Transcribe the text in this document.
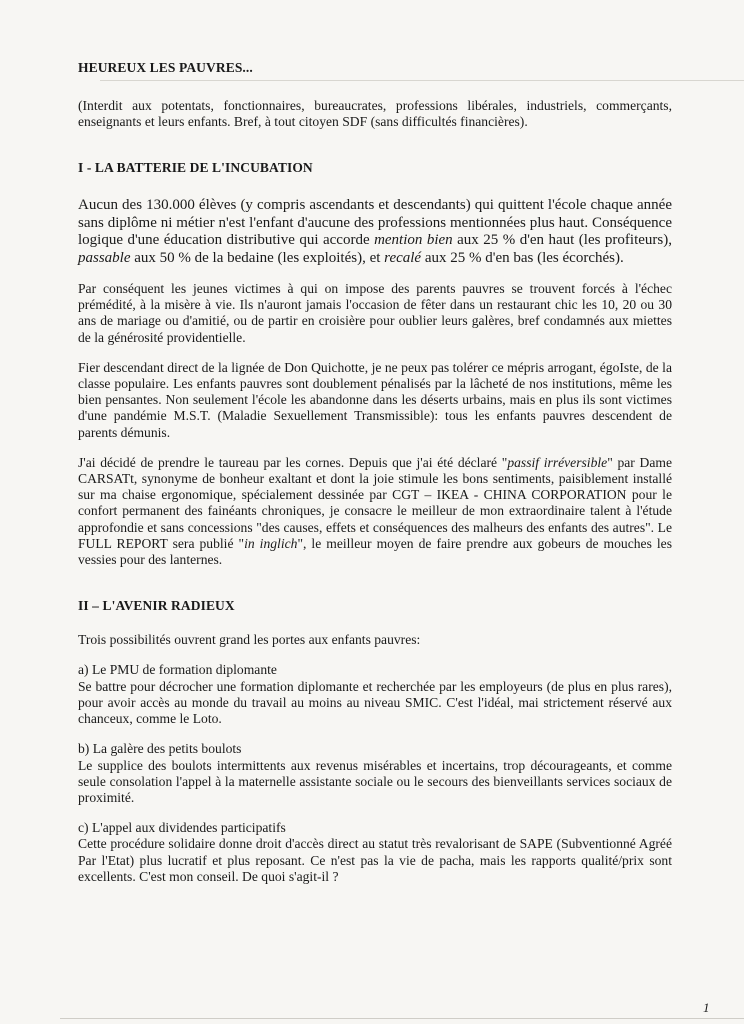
HEUREUX LES PAUVRES...

(Interdit aux potentats, fonctionnaires, bureaucrates, professions libérales, industriels, commerçants, enseignants et leurs enfants. Bref, à tout citoyen SDF (sans difficultés financières).

I - LA BATTERIE DE L'INCUBATION

Aucun des 130.000 élèves (y compris ascendants et descendants) qui quittent l'école chaque année sans diplôme ni métier n'est l'enfant d'aucune des professions mentionnées plus haut. Conséquence logique d'une éducation distributive qui accorde mention bien aux 25 % d'en haut (les profiteurs), passable aux 50 % de la bedaine (les exploités), et recalé aux 25 % d'en bas (les écorchés).

Par conséquent les jeunes victimes à qui on impose des parents pauvres se trouvent forcés à l'échec prémédité, à la misère à vie. Ils n'auront jamais l'occasion de fêter dans un restaurant chic les 10, 20 ou 30 ans de mariage ou d'amitié, ou de partir en croisière pour oublier leurs galères, bref condamnés aux miettes de la générosité providentielle.

Fier descendant direct de la lignée de Don Quichotte, je ne peux pas tolérer ce mépris arrogant, égoIste, de la classe populaire. Les enfants pauvres sont doublement pénalisés par la lâcheté de nos institutions, même les bien pensantes. Non seulement l'école les abandonne dans les déserts urbains, mais en plus ils sont victimes d'une pandémie M.S.T. (Maladie Sexuellement Transmissible): tous les enfants pauvres descendent de parents démunis.

J'ai décidé de prendre le taureau par les cornes. Depuis que j'ai été déclaré "passif irréversible" par Dame CARSATt, synonyme de bonheur exaltant et dont la joie stimule les bons sentiments, paisiblement installé sur ma chaise ergonomique, spécialement dessinée par CGT – IKEA - CHINA CORPORATION pour le confort permanent des fainéants chroniques, je consacre le meilleur de mon extraordinaire talent à l'étude approfondie et sans concessions "des causes, effets et conséquences des malheurs des enfants des autres". Le FULL REPORT sera publié "in inglich", le meilleur moyen de faire prendre aux gobeurs de mouches les vessies pour des lanternes.

II – L'AVENIR RADIEUX

Trois possibilités ouvrent grand les portes aux enfants pauvres:

a) Le PMU de formation diplomante

Se battre pour décrocher une formation diplomante et recherchée par les employeurs (de plus en plus rares), pour avoir accès au monde du travail au moins au niveau SMIC. C'est l'idéal, mai strictement réservé aux chanceux, comme le Loto.

b) La galère des petits boulots

Le supplice des boulots intermittents aux revenus misérables et incertains, trop décourageants, et comme seule consolation l'appel à la maternelle assistante sociale ou le secours des bienveillants services sociaux de proximité.

c) L'appel aux dividendes participatifs

Cette procédure solidaire donne droit d'accès direct au statut très revalorisant de SAPE (Subventionné Agréé Par l'Etat) plus lucratif et plus reposant. Ce n'est pas la vie de pacha, mais les rapports qualité/prix sont excellents. C'est mon conseil. De quoi s'agit-il ?

1
